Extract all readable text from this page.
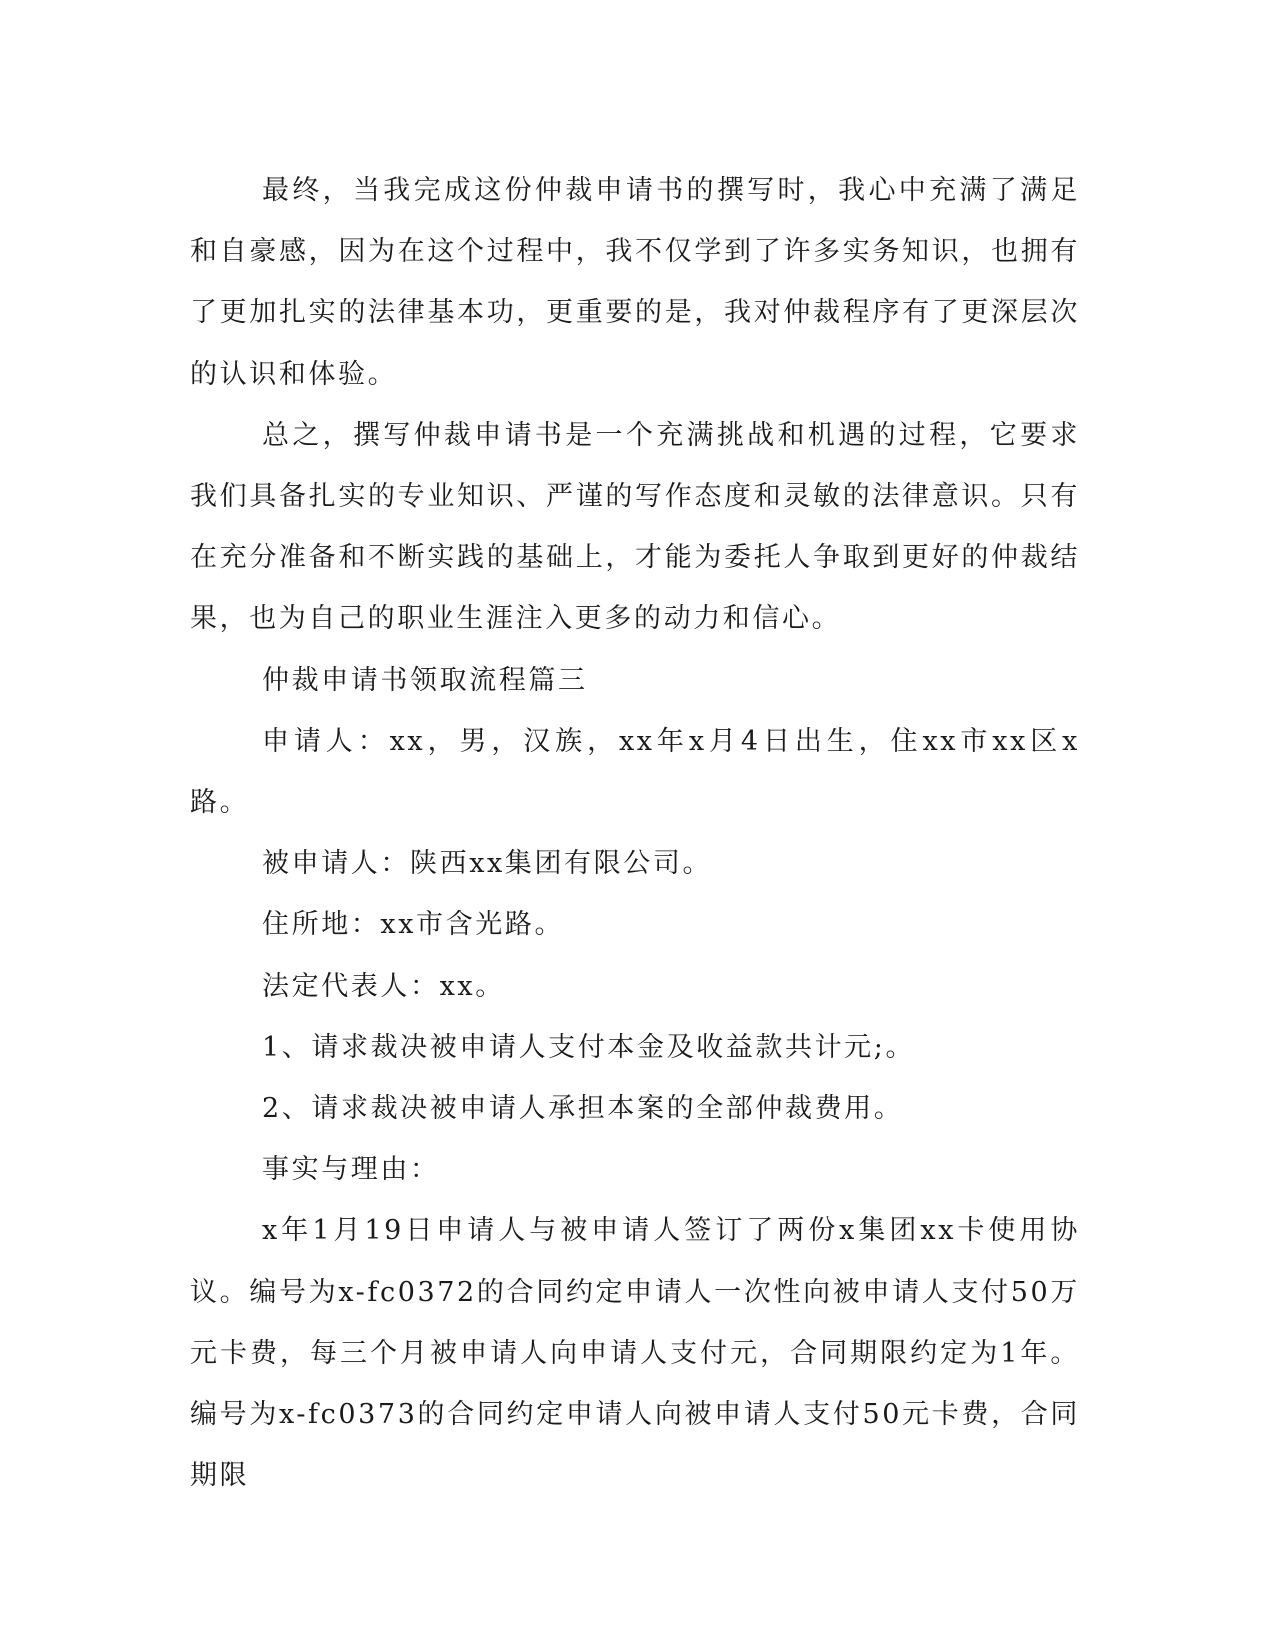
最终，当我完成这份仲裁申请书的撰写时，我心中充满了满足和自豪感，因为在这个过程中，我不仅学到了许多实务知识，也拥有了更加扎实的法律基本功，更重要的是，我对仲裁程序有了更深层次的认识和体验。

总之，撰写仲裁申请书是一个充满挑战和机遇的过程，它要求我们具备扎实的专业知识、严谨的写作态度和灵敏的法律意识。只有在充分准备和不断实践的基础上，才能为委托人争取到更好的仲裁结果，也为自己的职业生涯注入更多的动力和信心。

仲裁申请书领取流程篇三

申请人：xx，男，汉族，xx年x月4日出生，住xx市xx区x路。

被申请人：陕西xx集团有限公司。

住所地：xx市含光路。

法定代表人：xx。

1、请求裁决被申请人支付本金及收益款共计元;。

2、请求裁决被申请人承担本案的全部仲裁费用。

事实与理由：

x年1月19日申请人与被申请人签订了两份x集团xx卡使用协议。编号为x-fc0372的合同约定申请人一次性向被申请人支付50万元卡费，每三个月被申请人向申请人支付元，合同期限约定为1年。编号为x-fc0373的合同约定申请人向被申请人支付50元卡费，合同期限
